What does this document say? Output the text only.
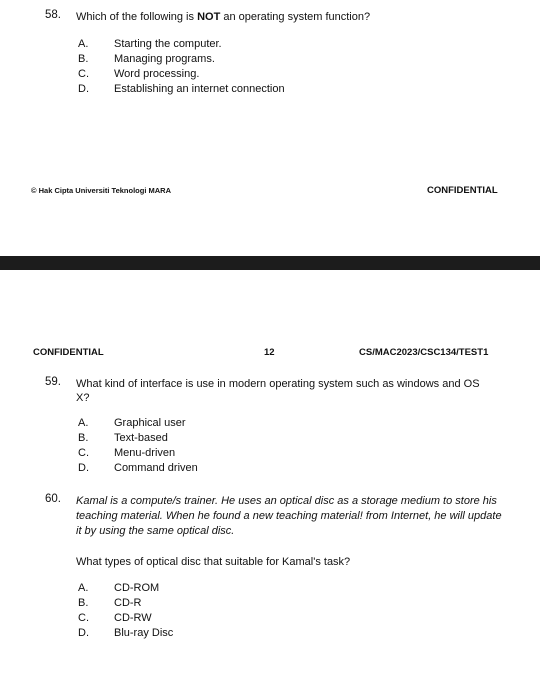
58. Which of the following is NOT an operating system function?
A. Starting the computer.
B. Managing programs.
C. Word processing.
D. Establishing an internet connection
© Hak Cipta Universiti Teknologi MARA	CONFIDENTIAL
CONFIDENTIAL	12	CS/MAC2023/CSC134/TEST1
59. What kind of interface is use in modern operating system such as windows and OS
X?
A. Graphical user
B. Text-based
C. Menu-driven
D. Command driven
60. Kamal is a compute/s trainer. He uses an optical disc as a storage medium to store his
teaching material. When he found a new teaching material! from Internet, he will update
it by using the same optical disc.
What types of optical disc that suitable for Kamal's task?
A. CD-ROM
B. CD-R
C. CD-RW
D. Blu-ray Disc
